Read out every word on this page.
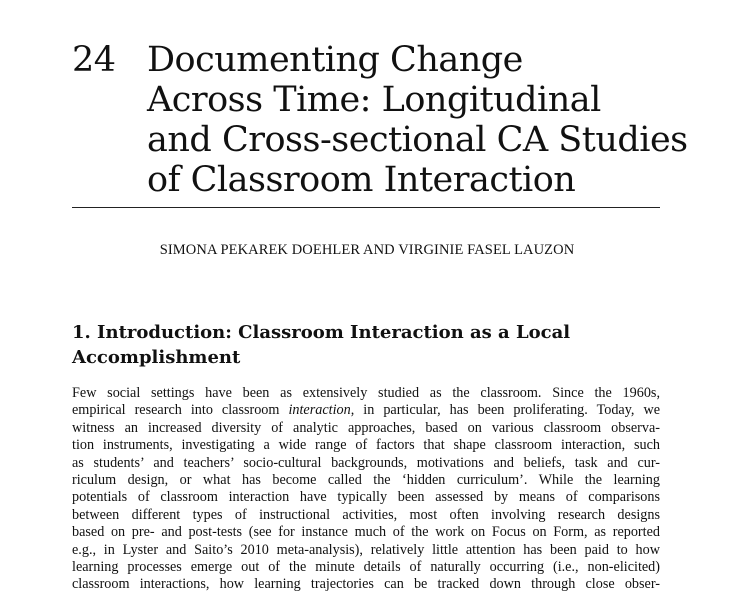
24 Documenting Change
Across Time: Longitudinal
and Cross-sectional CA Studies
of Classroom Interaction
SIMONA PEKAREK DOEHLER AND VIRGINIE FASEL LAUZON
1. Introduction: Classroom Interaction as a Local
Accomplishment
Few social settings have been as extensively studied as the classroom. Since the 1960s,
empirical research into classroom interaction, in particular, has been proliferating. Today, we
witness an increased diversity of analytic approaches, based on various classroom observa-
tion instruments, investigating a wide range of factors that shape classroom interaction, such
as students’ and teachers’ socio-cultural backgrounds, motivations and beliefs, task and cur-
riculum design, or what has become called the ‘hidden curriculum’. While the learning
potentials of classroom interaction have typically been assessed by means of comparisons
between different types of instructional activities, most often involving research designs
based on pre- and post-tests (see for instance much of the work on Focus on Form, as reported
e.g., in Lyster and Saito’s 2010 meta-analysis), relatively little attention has been paid to how
learning processes emerge out of the minute details of naturally occurring (i.e., non-elicited)
classroom interactions, how learning trajectories can be tracked down through close obser-
